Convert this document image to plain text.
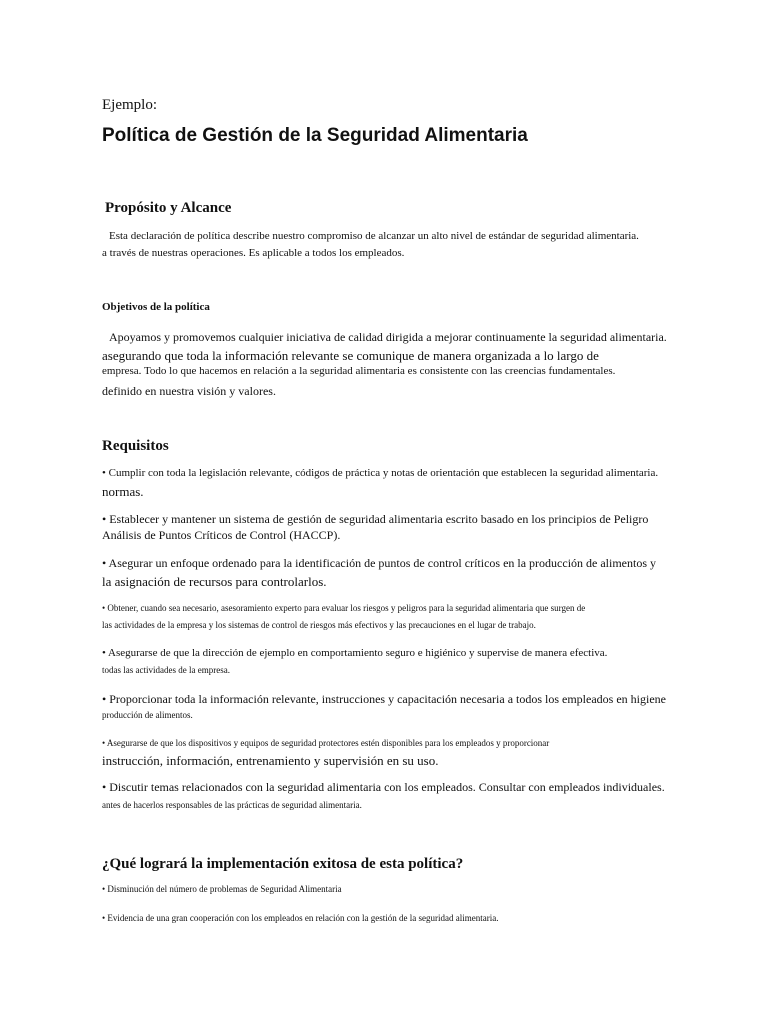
Ejemplo:
Política de Gestión de la Seguridad Alimentaria
Propósito y Alcance
Esta declaración de política describe nuestro compromiso de alcanzar un alto nivel de estándar de seguridad alimentaria.
a través de nuestras operaciones. Es aplicable a todos los empleados.
Objetivos de la política
Apoyamos y promovemos cualquier iniciativa de calidad dirigida a mejorar continuamente la seguridad alimentaria.
asegurando que toda la información relevante se comunique de manera organizada a lo largo de
empresa. Todo lo que hacemos en relación a la seguridad alimentaria es consistente con las creencias fundamentales.
definido en nuestra visión y valores.
Requisitos
• Cumplir con toda la legislación relevante, códigos de práctica y notas de orientación que establecen la seguridad alimentaria.
normas.
• Establecer y mantener un sistema de gestión de seguridad alimentaria escrito basado en los principios de Peligro
Análisis de Puntos Críticos de Control (HACCP).
• Asegurar un enfoque ordenado para la identificación de puntos de control críticos en la producción de alimentos y
la asignación de recursos para controlarlos.
• Obtener, cuando sea necesario, asesoramiento experto para evaluar los riesgos y peligros para la seguridad alimentaria que surgen de
las actividades de la empresa y los sistemas de control de riesgos más efectivos y las precauciones en el lugar de trabajo.
• Asegurarse de que la dirección de ejemplo en comportamiento seguro e higiénico y supervise de manera efectiva.
todas las actividades de la empresa.
• Proporcionar toda la información relevante, instrucciones y capacitación necesaria a todos los empleados en higiene
producción de alimentos.
• Asegurarse de que los dispositivos y equipos de seguridad protectores estén disponibles para los empleados y proporcionar
instrucción, información, entrenamiento y supervisión en su uso.
• Discutir temas relacionados con la seguridad alimentaria con los empleados. Consultar con empleados individuales.
antes de hacerlos responsables de las prácticas de seguridad alimentaria.
¿Qué logrará la implementación exitosa de esta política?
• Disminución del número de problemas de Seguridad Alimentaria
• Evidencia de una gran cooperación con los empleados en relación con la gestión de la seguridad alimentaria.
